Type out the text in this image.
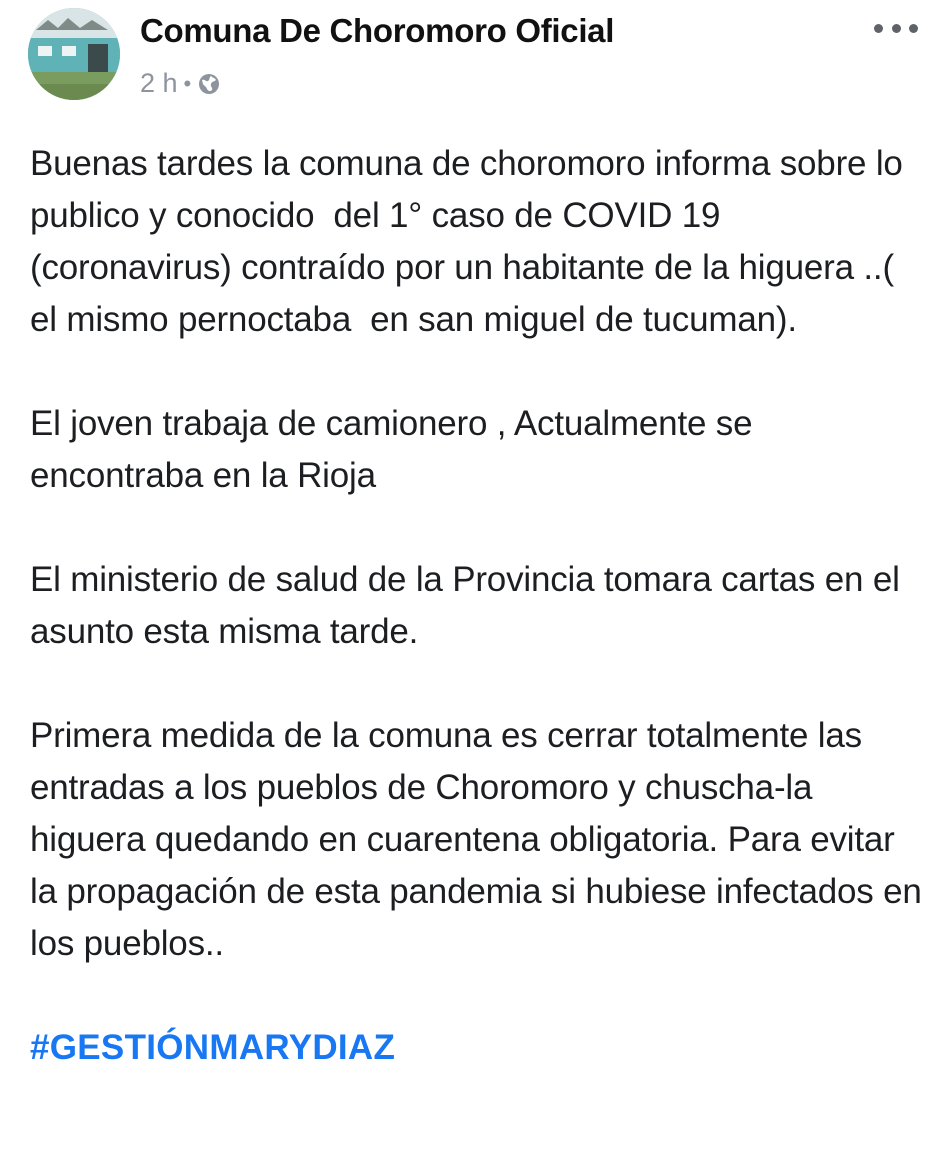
Comuna De Choromoro Oficial
2 h •

Buenas tardes la comuna de choromoro informa sobre lo publico y conocido  del 1° caso de COVID 19 (coronavirus) contraído por un habitante de la higuera ..( el mismo pernoctaba  en san miguel de tucuman).

El joven trabaja de camionero , Actualmente se encontraba en la Rioja

El ministerio de salud de la Provincia tomara cartas en el asunto esta misma tarde.

Primera medida de la comuna es cerrar totalmente las entradas a los pueblos de Choromoro y chuscha-la higuera quedando en cuarentena obligatoria. Para evitar la propagación de esta pandemia si hubiese infectados en los pueblos..

#GESTIÓNMARYDIAZ
